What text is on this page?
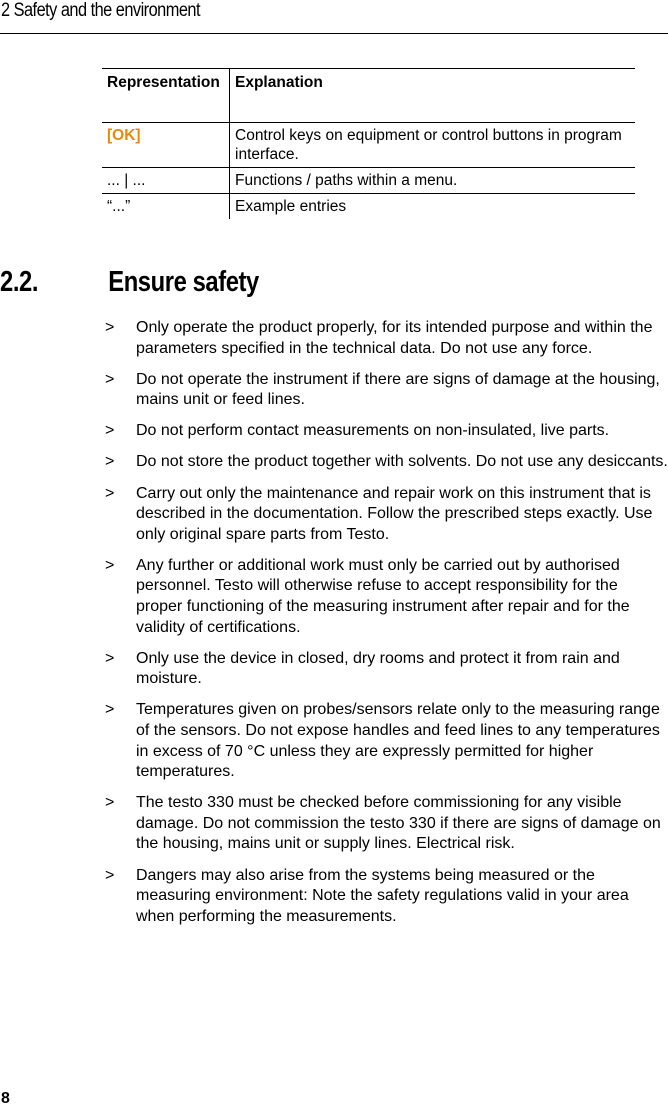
2 Safety and the environment
Representation	Explanation
[OK]	Control keys on equipment or control buttons in program interface.
... | ...	Functions / paths within a menu.
“...”	Example entries
2.2. Ensure safety
> Only operate the product properly, for its intended purpose and within the parameters specified in the technical data. Do not use any force.
> Do not operate the instrument if there are signs of damage at the housing, mains unit or feed lines.
> Do not perform contact measurements on non-insulated, live parts.
> Do not store the product together with solvents. Do not use any desiccants.
> Carry out only the maintenance and repair work on this instrument that is described in the documentation. Follow the prescribed steps exactly. Use only original spare parts from Testo.
> Any further or additional work must only be carried out by authorised personnel. Testo will otherwise refuse to accept responsibility for the proper functioning of the measuring instrument after repair and for the validity of certifications.
> Only use the device in closed, dry rooms and protect it from rain and moisture.
> Temperatures given on probes/sensors relate only to the measuring range of the sensors. Do not expose handles and feed lines to any temperatures in excess of 70 °C unless they are expressly permitted for higher temperatures.
> The testo 330 must be checked before commissioning for any visible damage. Do not commission the testo 330 if there are signs of damage on the housing, mains unit or supply lines. Electrical risk.
> Dangers may also arise from the systems being measured or the measuring environment: Note the safety regulations valid in your area when performing the measurements.
8
